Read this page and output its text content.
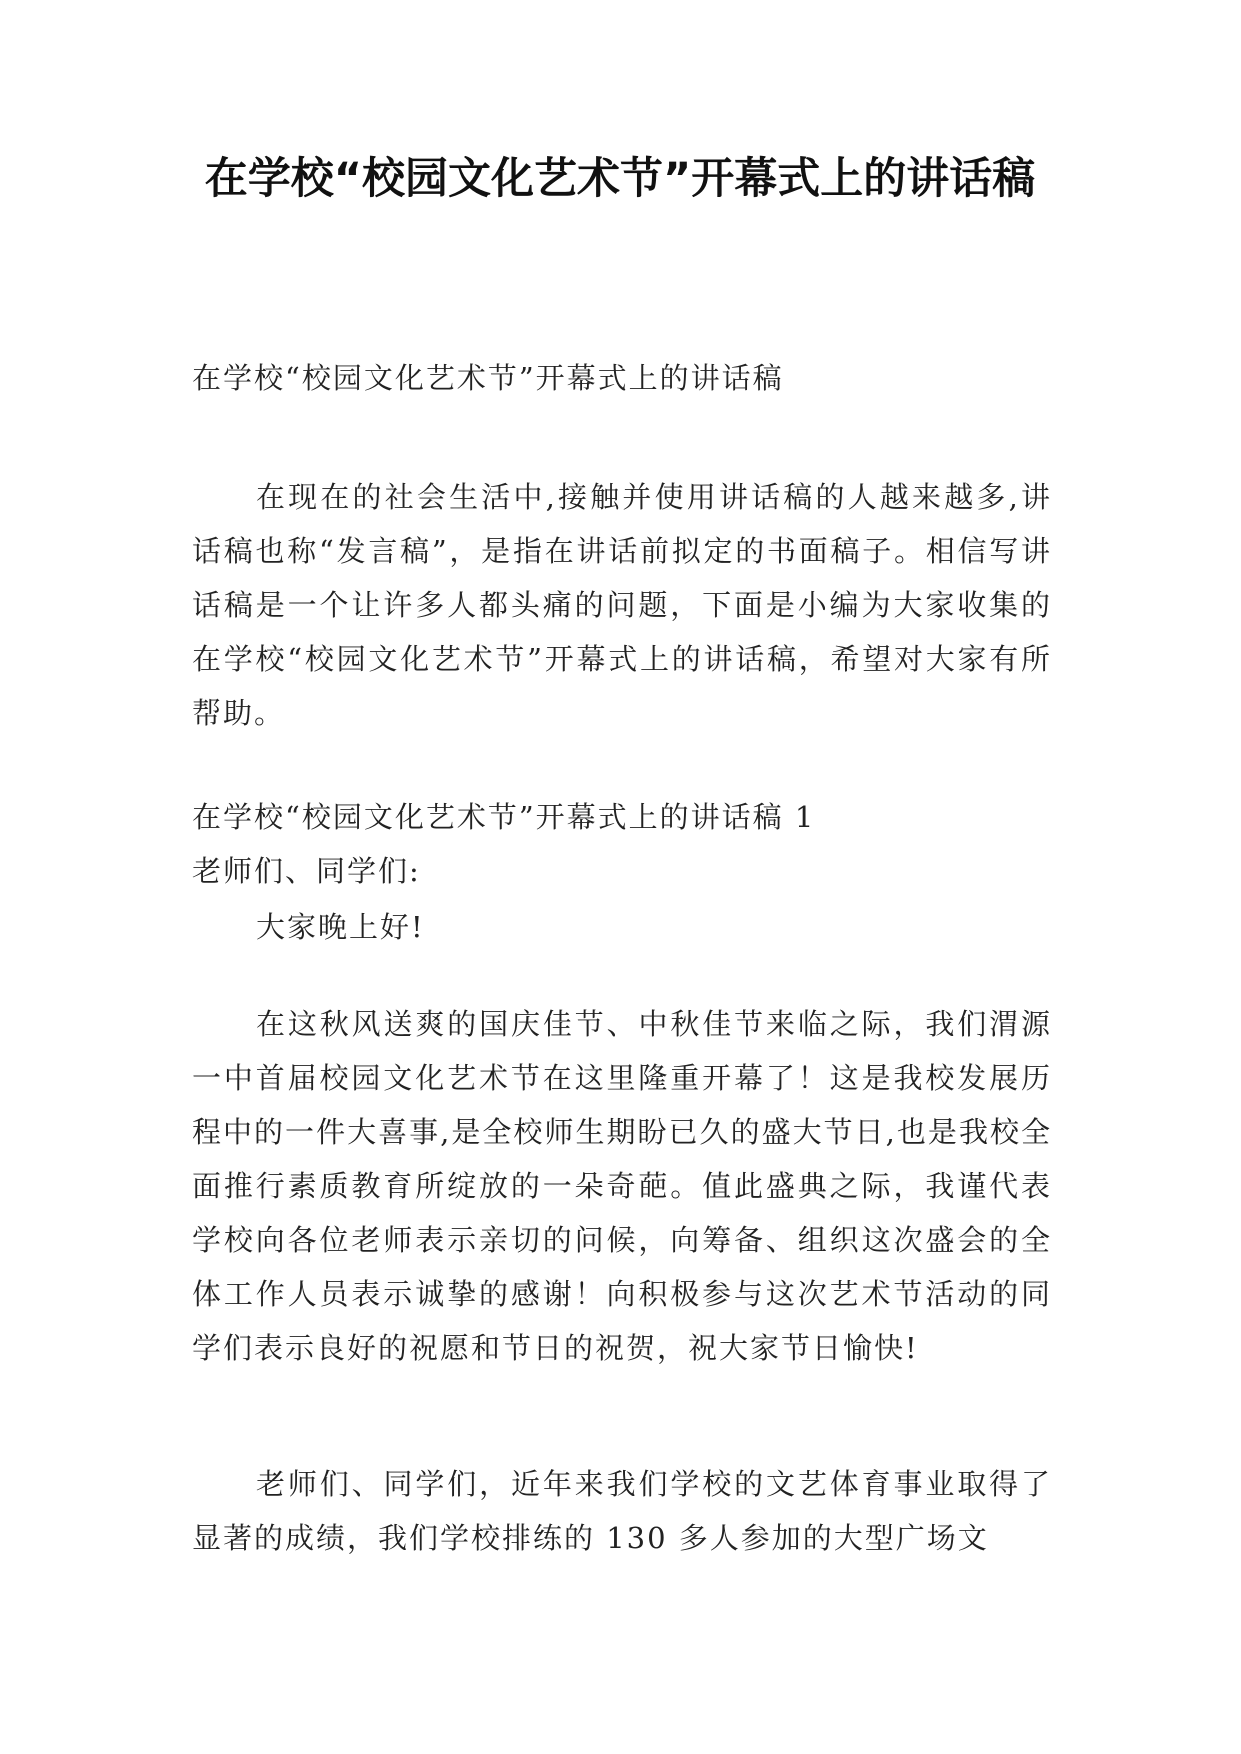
在学校“校园文化艺术节”开幕式上的讲话稿

在学校“校园文化艺术节”开幕式上的讲话稿

在现在的社会生活中,接触并使用讲话稿的人越来越多,讲话稿也称“发言稿”，是指在讲话前拟定的书面稿子。相信写讲话稿是一个让许多人都头痛的问题，下面是小编为大家收集的在学校“校园文化艺术节”开幕式上的讲话稿，希望对大家有所帮助。

在学校“校园文化艺术节”开幕式上的讲话稿 1

老师们、同学们:

大家晚上好!

在这秋风送爽的国庆佳节、中秋佳节来临之际，我们渭源一中首届校园文化艺术节在这里隆重开幕了！这是我校发展历程中的一件大喜事,是全校师生期盼已久的盛大节日,也是我校全面推行素质教育所绽放的一朵奇葩。值此盛典之际，我谨代表学校向各位老师表示亲切的问候，向筹备、组织这次盛会的全体工作人员表示诚挚的感谢！向积极参与这次艺术节活动的同学们表示良好的祝愿和节日的祝贺，祝大家节日愉快!

老师们、同学们，近年来我们学校的文艺体育事业取得了显著的成绩，我们学校排练的 130 多人参加的大型广场文
